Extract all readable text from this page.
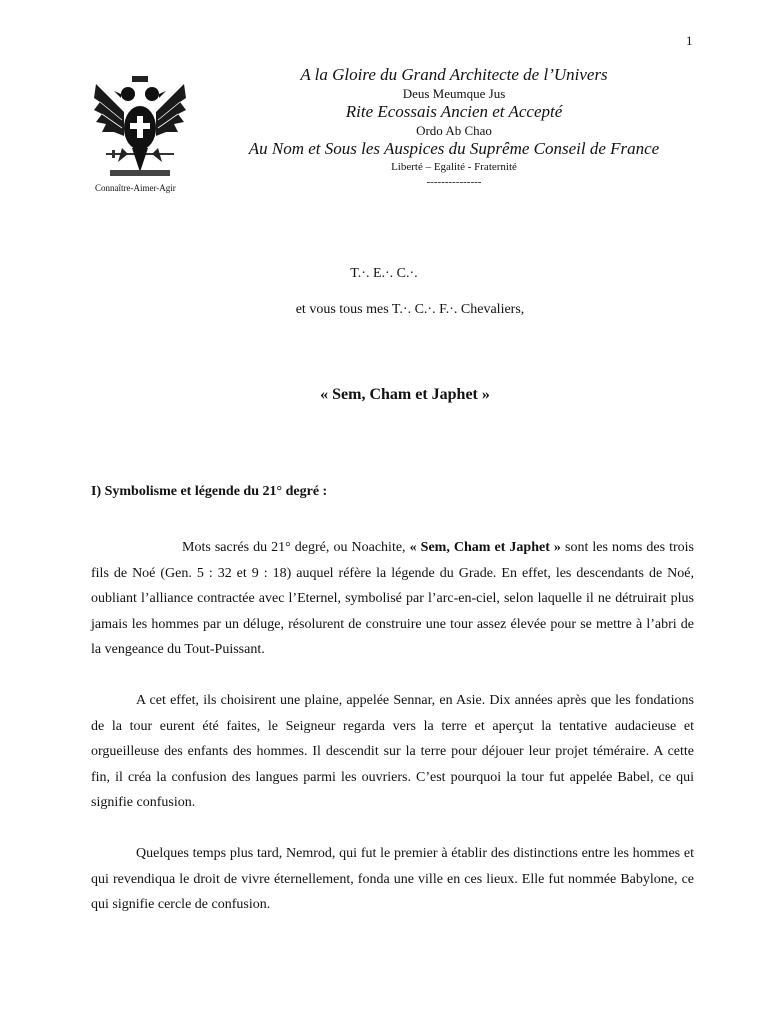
1
Connaître-Aimer-Agir
A la Gloire du Grand Architecte de l’Univers
Deus Meumque Jus
Rite Ecossais Ancien et Accepté
Ordo Ab Chao
Au Nom et Sous les Auspices du Suprême Conseil de France
Liberté – Egalité - Fraternité
---------------
T.·. E.·. C.·.
et vous tous mes T.·. C.·. F.·. Chevaliers,
« Sem, Cham et Japhet »
I) Symbolisme et légende du 21° degré :
Mots sacrés du 21° degré, ou Noachite, « Sem, Cham et Japhet » sont les noms des trois fils de Noé (Gen. 5 : 32 et 9 : 18) auquel réfère la légende du Grade. En effet, les descendants de Noé, oubliant l’alliance contractée avec l’Eternel, symbolisé par l’arc-en-ciel, selon laquelle il ne détruirait plus jamais les hommes par un déluge, résolurent de construire une tour assez élevée pour se mettre à l’abri de la vengeance du Tout-Puissant.
A cet effet, ils choisirent une plaine, appelée Sennar, en Asie. Dix années après que les fondations de la tour eurent été faites, le Seigneur regarda vers la terre et aperçut la tentative audacieuse et orgueilleuse des enfants des hommes. Il descendit sur la terre pour déjouer leur projet téméraire. A cette fin, il créa la confusion des langues parmi les ouvriers. C’est pourquoi la tour fut appelée Babel, ce qui signifie confusion.
Quelques temps plus tard, Nemrod, qui fut le premier à établir des distinctions entre les hommes et qui revendiqua le droit de vivre éternellement, fonda une ville en ces lieux. Elle fut nommée Babylone, ce qui signifie cercle de confusion.
